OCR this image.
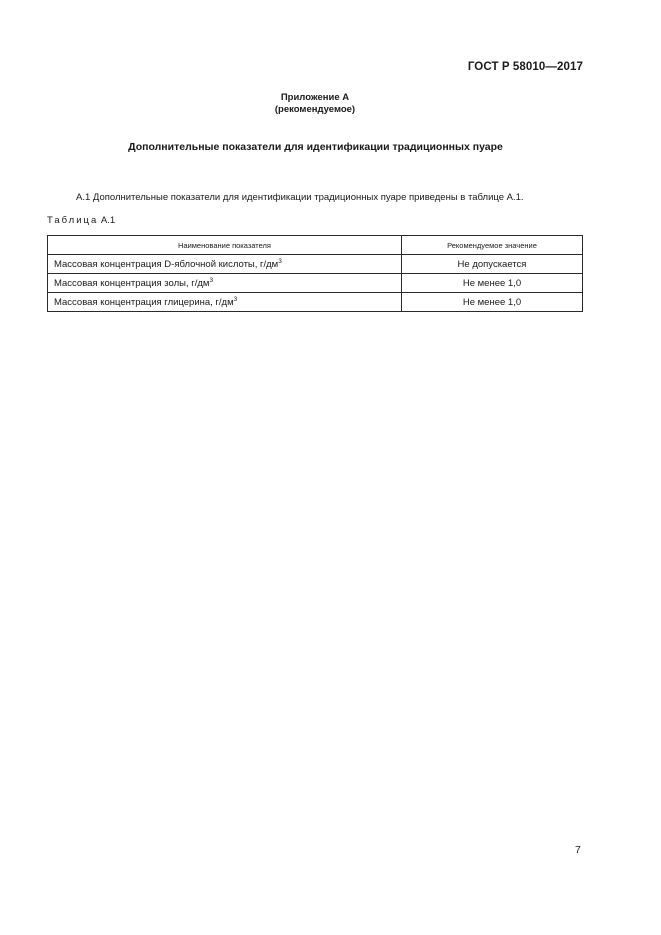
ГОСТ Р 58010—2017
Приложение А
(рекомендуемое)
Дополнительные показатели для идентификации традиционных пуаре
А.1 Дополнительные показатели для идентификации традиционных пуаре приведены в таблице А.1.
Таблица А.1
Наименование показателя	Рекомендуемое значение
Массовая концентрация D-яблочной кислоты, $г/дм^3$	Не допускается
Массовая концентрация золы, $г/дм^3$	Не менее 1,0
Массовая концентрация глицерина, $г/дм^3$	Не менее 1,0
7
